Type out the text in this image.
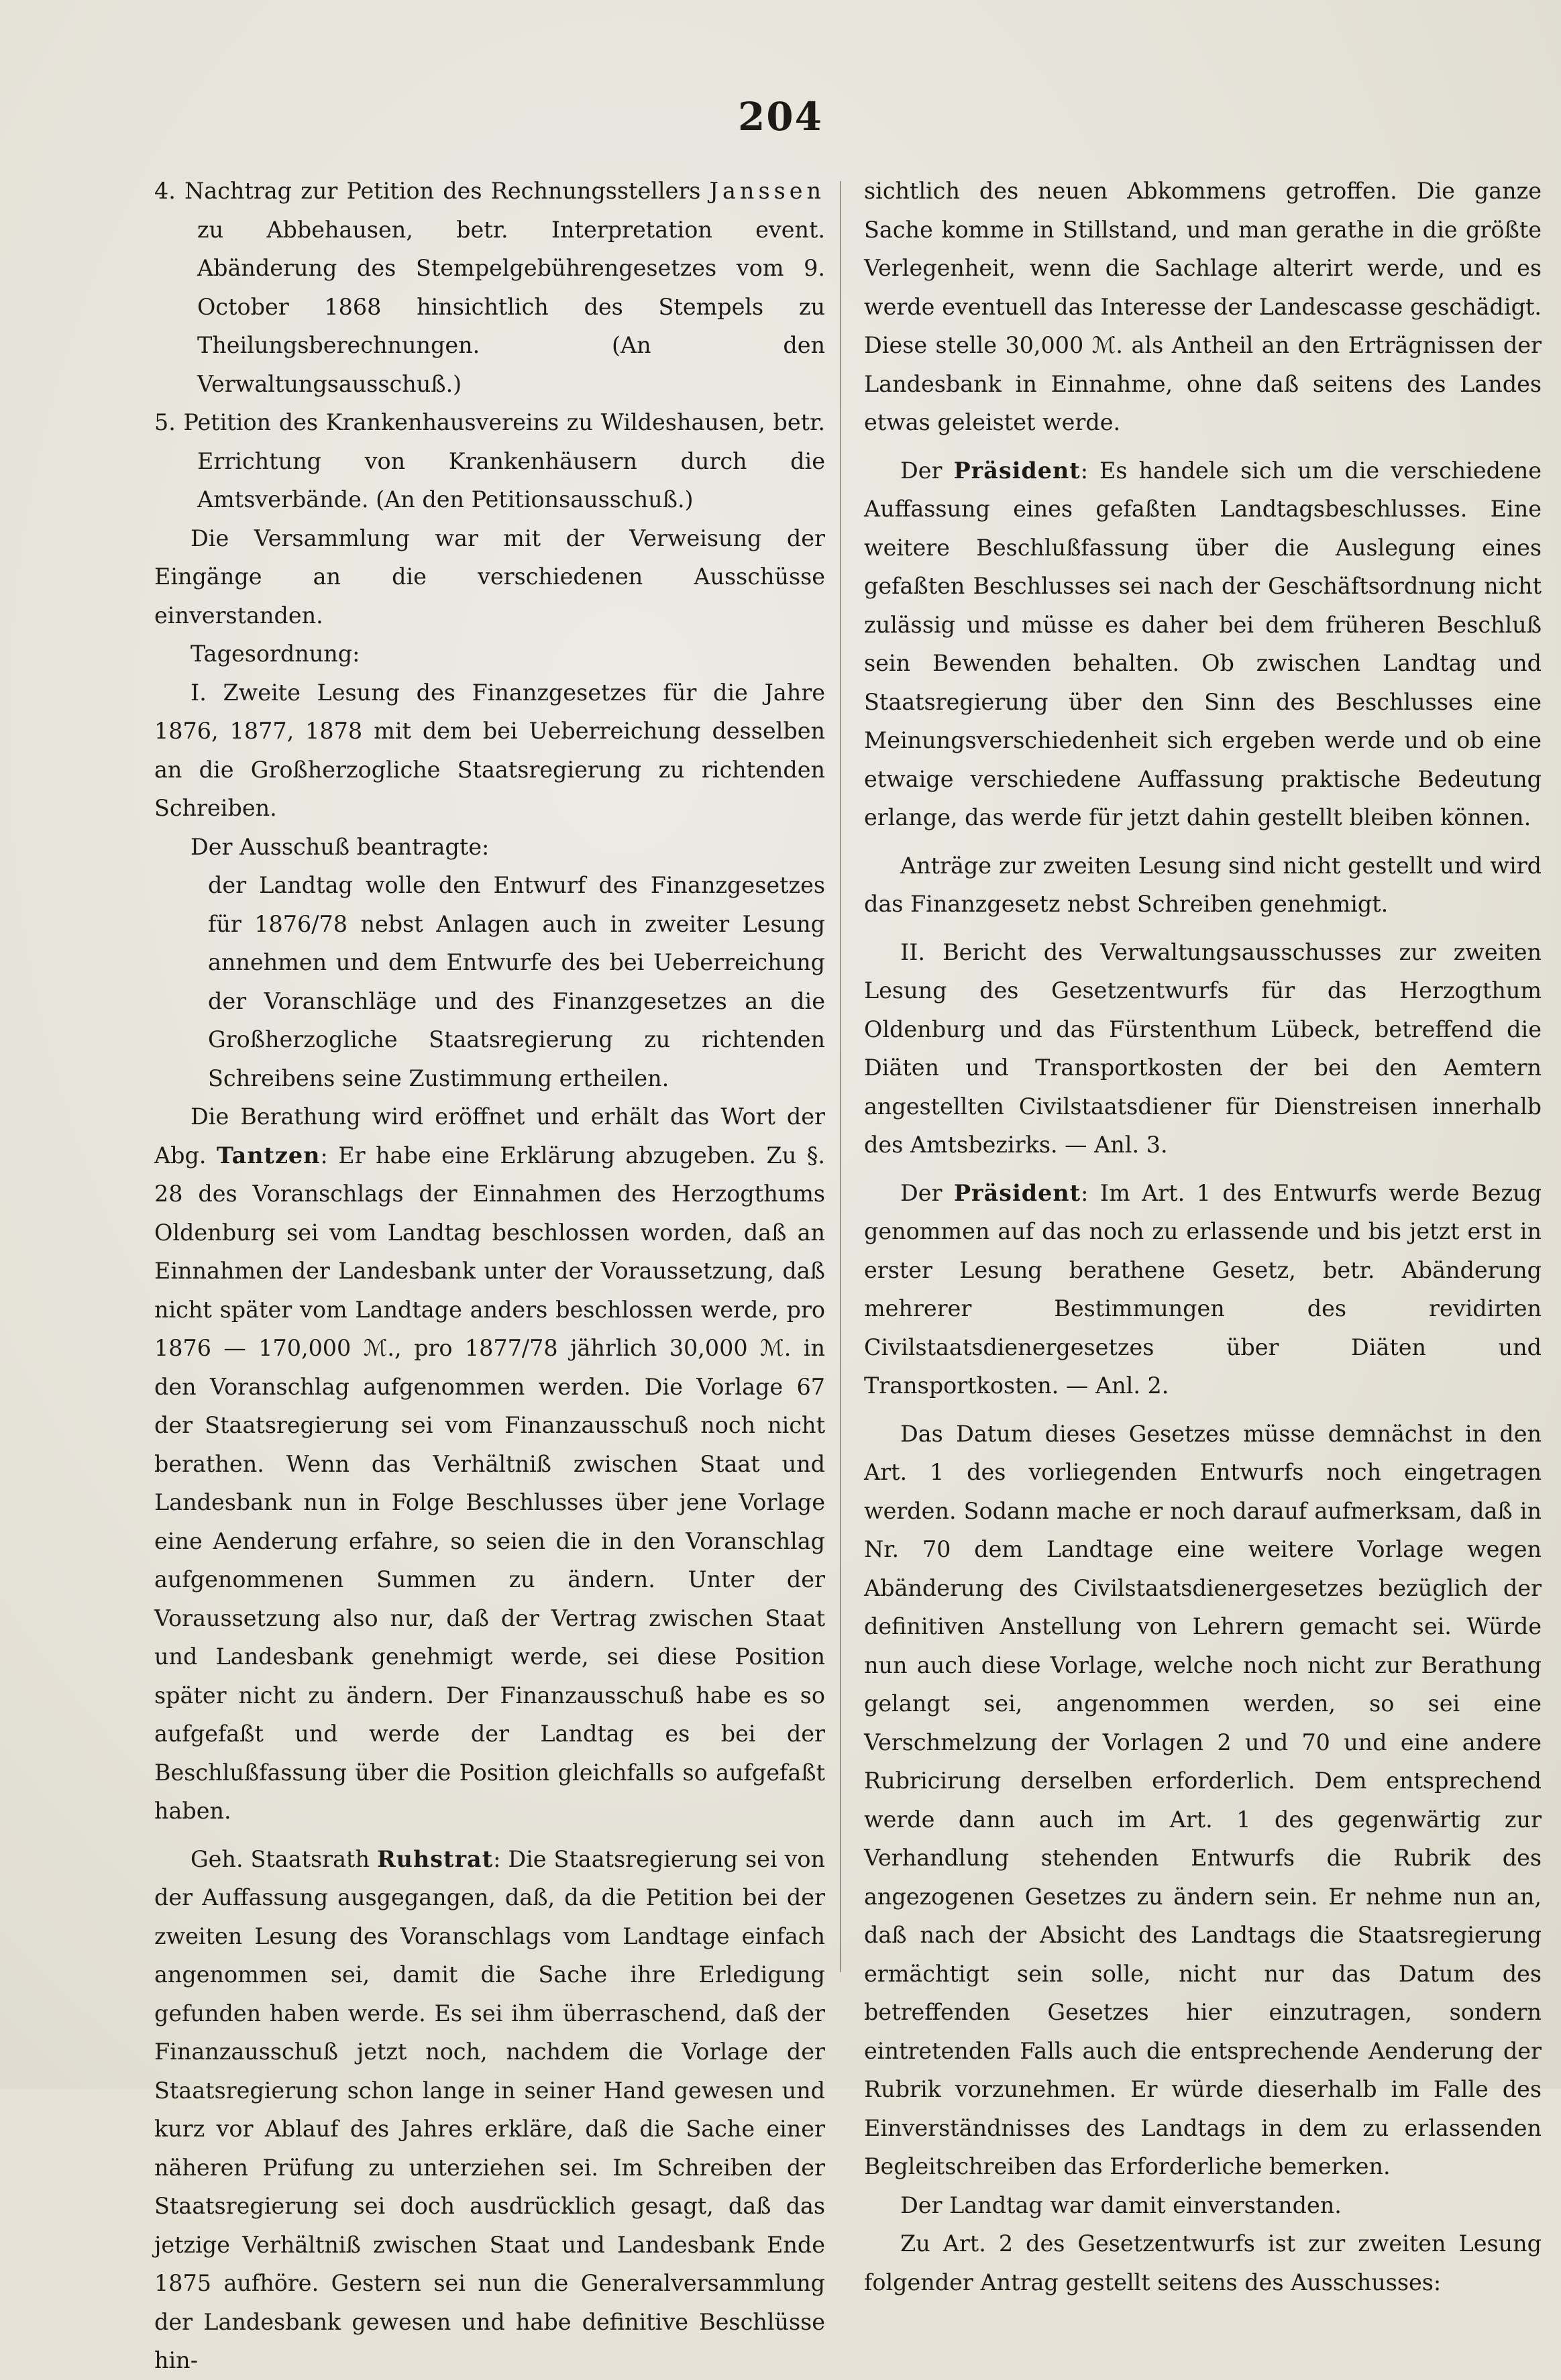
204

4. Nachtrag zur Petition des Rechnungsstellers Janssen zu Abbehausen, betr. Interpretation event. Abänderung des Stempelgebührengesetzes vom 9. October 1868 hinsichtlich des Stempels zu Theilungsberechnungen. (An den Verwaltungsausschuß.)

5. Petition des Krankenhausvereins zu Wildeshausen, betr. Errichtung von Krankenhäusern durch die Amtsverbände. (An den Petitionsausschuß.)

Die Versammlung war mit der Verweisung der Eingänge an die verschiedenen Ausschüsse einverstanden.

Tagesordnung:

I. Zweite Lesung des Finanzgesetzes für die Jahre 1876, 1877, 1878 mit dem bei Ueberreichung desselben an die Großherzogliche Staatsregierung zu richtenden Schreiben.

Der Ausschuß beantragte:

der Landtag wolle den Entwurf des Finanzgesetzes für 1876/78 nebst Anlagen auch in zweiter Lesung annehmen und dem Entwurfe des bei Ueberreichung der Voranschläge und des Finanzgesetzes an die Großherzogliche Staatsregierung zu richtenden Schreibens seine Zustimmung ertheilen.

Die Berathung wird eröffnet und erhält das Wort der Abg. Tantzen: Er habe eine Erklärung abzugeben. Zu §. 28 des Voranschlags der Einnahmen des Herzogthums Oldenburg sei vom Landtag beschlossen worden, daß an Einnahmen der Landesbank unter der Voraussetzung, daß nicht später vom Landtage anders beschlossen werde, pro 1876 — 170,000 ℳ., pro 1877/78 jährlich 30,000 ℳ. in den Voranschlag aufgenommen werden. Die Vorlage 67 der Staatsregierung sei vom Finanzausschuß noch nicht berathen. Wenn das Verhältniß zwischen Staat und Landesbank nun in Folge Beschlusses über jene Vorlage eine Aenderung erfahre, so seien die in den Voranschlag aufgenommenen Summen zu ändern. Unter der Voraussetzung also nur, daß der Vertrag zwischen Staat und Landesbank genehmigt werde, sei diese Position später nicht zu ändern. Der Finanzausschuß habe es so aufgefaßt und werde der Landtag es bei der Beschlußfassung über die Position gleichfalls so aufgefaßt haben.

Geh. Staatsrath Ruhstrat: Die Staatsregierung sei von der Auffassung ausgegangen, daß, da die Petition bei der zweiten Lesung des Voranschlags vom Landtage einfach angenommen sei, damit die Sache ihre Erledigung gefunden haben werde. Es sei ihm überraschend, daß der Finanzausschuß jetzt noch, nachdem die Vorlage der Staatsregierung schon lange in seiner Hand gewesen und kurz vor Ablauf des Jahres erkläre, daß die Sache einer näheren Prüfung zu unterziehen sei. Im Schreiben der Staatsregierung sei doch ausdrücklich gesagt, daß das jetzige Verhältniß zwischen Staat und Landesbank Ende 1875 aufhöre. Gestern sei nun die Generalversammlung der Landesbank gewesen und habe definitive Beschlüsse hin-

sichtlich des neuen Abkommens getroffen. Die ganze Sache komme in Stillstand, und man gerathe in die größte Verlegenheit, wenn die Sachlage alterirt werde, und es werde eventuell das Interesse der Landescasse geschädigt. Diese stelle 30,000 ℳ. als Antheil an den Erträgnissen der Landesbank in Einnahme, ohne daß seitens des Landes etwas geleistet werde.

Der Präsident: Es handele sich um die verschiedene Auffassung eines gefaßten Landtagsbeschlusses. Eine weitere Beschlußfassung über die Auslegung eines gefaßten Beschlusses sei nach der Geschäftsordnung nicht zulässig und müsse es daher bei dem früheren Beschluß sein Bewenden behalten. Ob zwischen Landtag und Staatsregierung über den Sinn des Beschlusses eine Meinungsverschiedenheit sich ergeben werde und ob eine etwaige verschiedene Auffassung praktische Bedeutung erlange, das werde für jetzt dahin gestellt bleiben können.

Anträge zur zweiten Lesung sind nicht gestellt und wird das Finanzgesetz nebst Schreiben genehmigt.

II. Bericht des Verwaltungsausschusses zur zweiten Lesung des Gesetzentwurfs für das Herzogthum Oldenburg und das Fürstenthum Lübeck, betreffend die Diäten und Transportkosten der bei den Aemtern angestellten Civilstaatsdiener für Dienstreisen innerhalb des Amtsbezirks. — Anl. 3.

Der Präsident: Im Art. 1 des Entwurfs werde Bezug genommen auf das noch zu erlassende und bis jetzt erst in erster Lesung berathene Gesetz, betr. Abänderung mehrerer Bestimmungen des revidirten Civilstaatsdienergesetzes über Diäten und Transportkosten. — Anl. 2.

Das Datum dieses Gesetzes müsse demnächst in den Art. 1 des vorliegenden Entwurfs noch eingetragen werden. Sodann mache er noch darauf aufmerksam, daß in Nr. 70 dem Landtage eine weitere Vorlage wegen Abänderung des Civilstaatsdienergesetzes bezüglich der definitiven Anstellung von Lehrern gemacht sei. Würde nun auch diese Vorlage, welche noch nicht zur Berathung gelangt sei, angenommen werden, so sei eine Verschmelzung der Vorlagen 2 und 70 und eine andere Rubricirung derselben erforderlich. Dem entsprechend werde dann auch im Art. 1 des gegenwärtig zur Verhandlung stehenden Entwurfs die Rubrik des angezogenen Gesetzes zu ändern sein. Er nehme nun an, daß nach der Absicht des Landtags die Staatsregierung ermächtigt sein solle, nicht nur das Datum des betreffenden Gesetzes hier einzutragen, sondern eintretenden Falls auch die entsprechende Aenderung der Rubrik vorzunehmen. Er würde dieserhalb im Falle des Einverständnisses des Landtags in dem zu erlassenden Begleitschreiben das Erforderliche bemerken.

Der Landtag war damit einverstanden.

Zu Art. 2 des Gesetzentwurfs ist zur zweiten Lesung folgender Antrag gestellt seitens des Ausschusses:
